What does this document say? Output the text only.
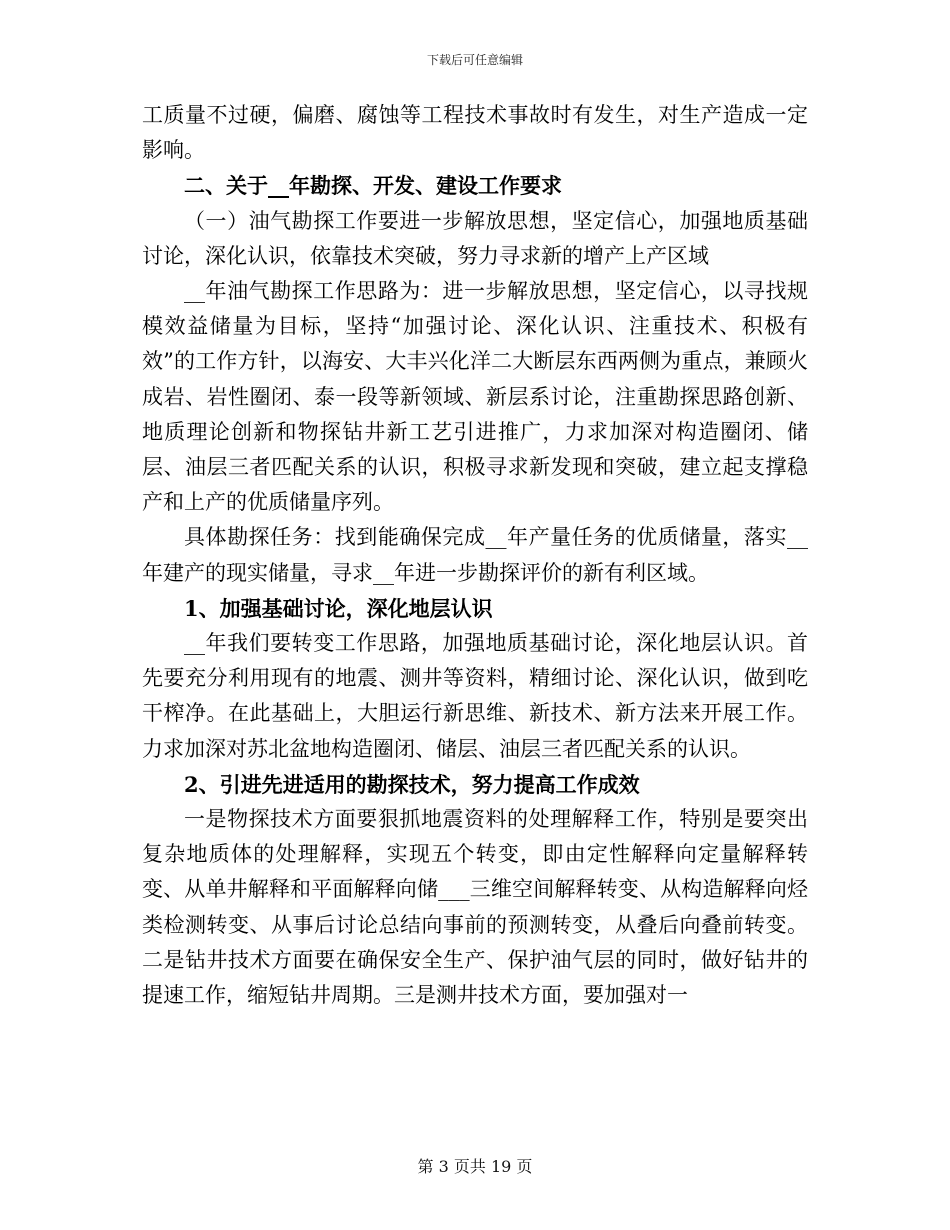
下载后可任意编辑

工质量不过硬，偏磨、腐蚀等工程技术事故时有发生，对生产造成一定影响。

二、关于__年勘探、开发、建设工作要求

（一）油气勘探工作要进一步解放思想，坚定信心，加强地质基础讨论，深化认识，依靠技术突破，努力寻求新的增产上产区域

__年油气勘探工作思路为：进一步解放思想，坚定信心，以寻找规模效益储量为目标，坚持“加强讨论、深化认识、注重技术、积极有效”的工作方针，以海安、大丰兴化洋二大断层东西两侧为重点，兼顾火成岩、岩性圈闭、泰一段等新领域、新层系讨论，注重勘探思路创新、地质理论创新和物探钻井新工艺引进推广，力求加深对构造圈闭、储层、油层三者匹配关系的认识，积极寻求新发现和突破，建立起支撑稳产和上产的优质储量序列。

具体勘探任务：找到能确保完成__年产量任务的优质储量，落实__年建产的现实储量，寻求__年进一步勘探评价的新有利区域。

1、加强基础讨论，深化地层认识

__年我们要转变工作思路，加强地质基础讨论，深化地层认识。首先要充分利用现有的地震、测井等资料，精细讨论、深化认识，做到吃干榨净。在此基础上，大胆运行新思维、新技术、新方法来开展工作。力求加深对苏北盆地构造圈闭、储层、油层三者匹配关系的认识。

2、引进先进适用的勘探技术，努力提高工作成效

一是物探技术方面要狠抓地震资料的处理解释工作，特别是要突出复杂地质体的处理解释，实现五个转变，即由定性解释向定量解释转变、从单井解释和平面解释向储___三维空间解释转变、从构造解释向烃类检测转变、从事后讨论总结向事前的预测转变，从叠后向叠前转变。二是钻井技术方面要在确保安全生产、保护油气层的同时，做好钻井的提速工作，缩短钻井周期。三是测井技术方面，要加强对一

第 3 页共 19 页
